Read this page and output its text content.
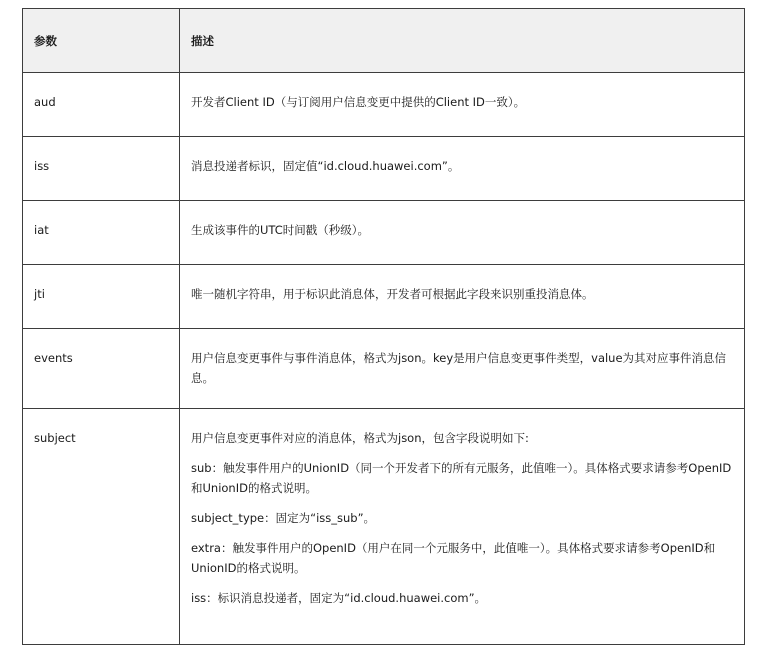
参数	描述
aud	开发者Client ID（与订阅用户信息变更中提供的Client ID一致）。
iss	消息投递者标识，固定值“id.cloud.huawei.com”。
iat	生成该事件的UTC时间戳（秒级）。
jti	唯一随机字符串，用于标识此消息体，开发者可根据此字段来识别重投消息体。
events	用户信息变更事件与事件消息体，格式为json。key是用户信息变更事件类型，value为其对应事件消息信息。
subject	用户信息变更事件对应的消息体，格式为json，包含字段说明如下:

sub：触发事件用户的UnionID（同一个开发者下的所有元服务，此值唯一）。具体格式要求请参考OpenID和UnionID的格式说明。

subject_type：固定为“iss_sub”。

extra：触发事件用户的OpenID（用户在同一个元服务中，此值唯一）。具体格式要求请参考OpenID和UnionID的格式说明。

iss：标识消息投递者，固定为“id.cloud.huawei.com”。
